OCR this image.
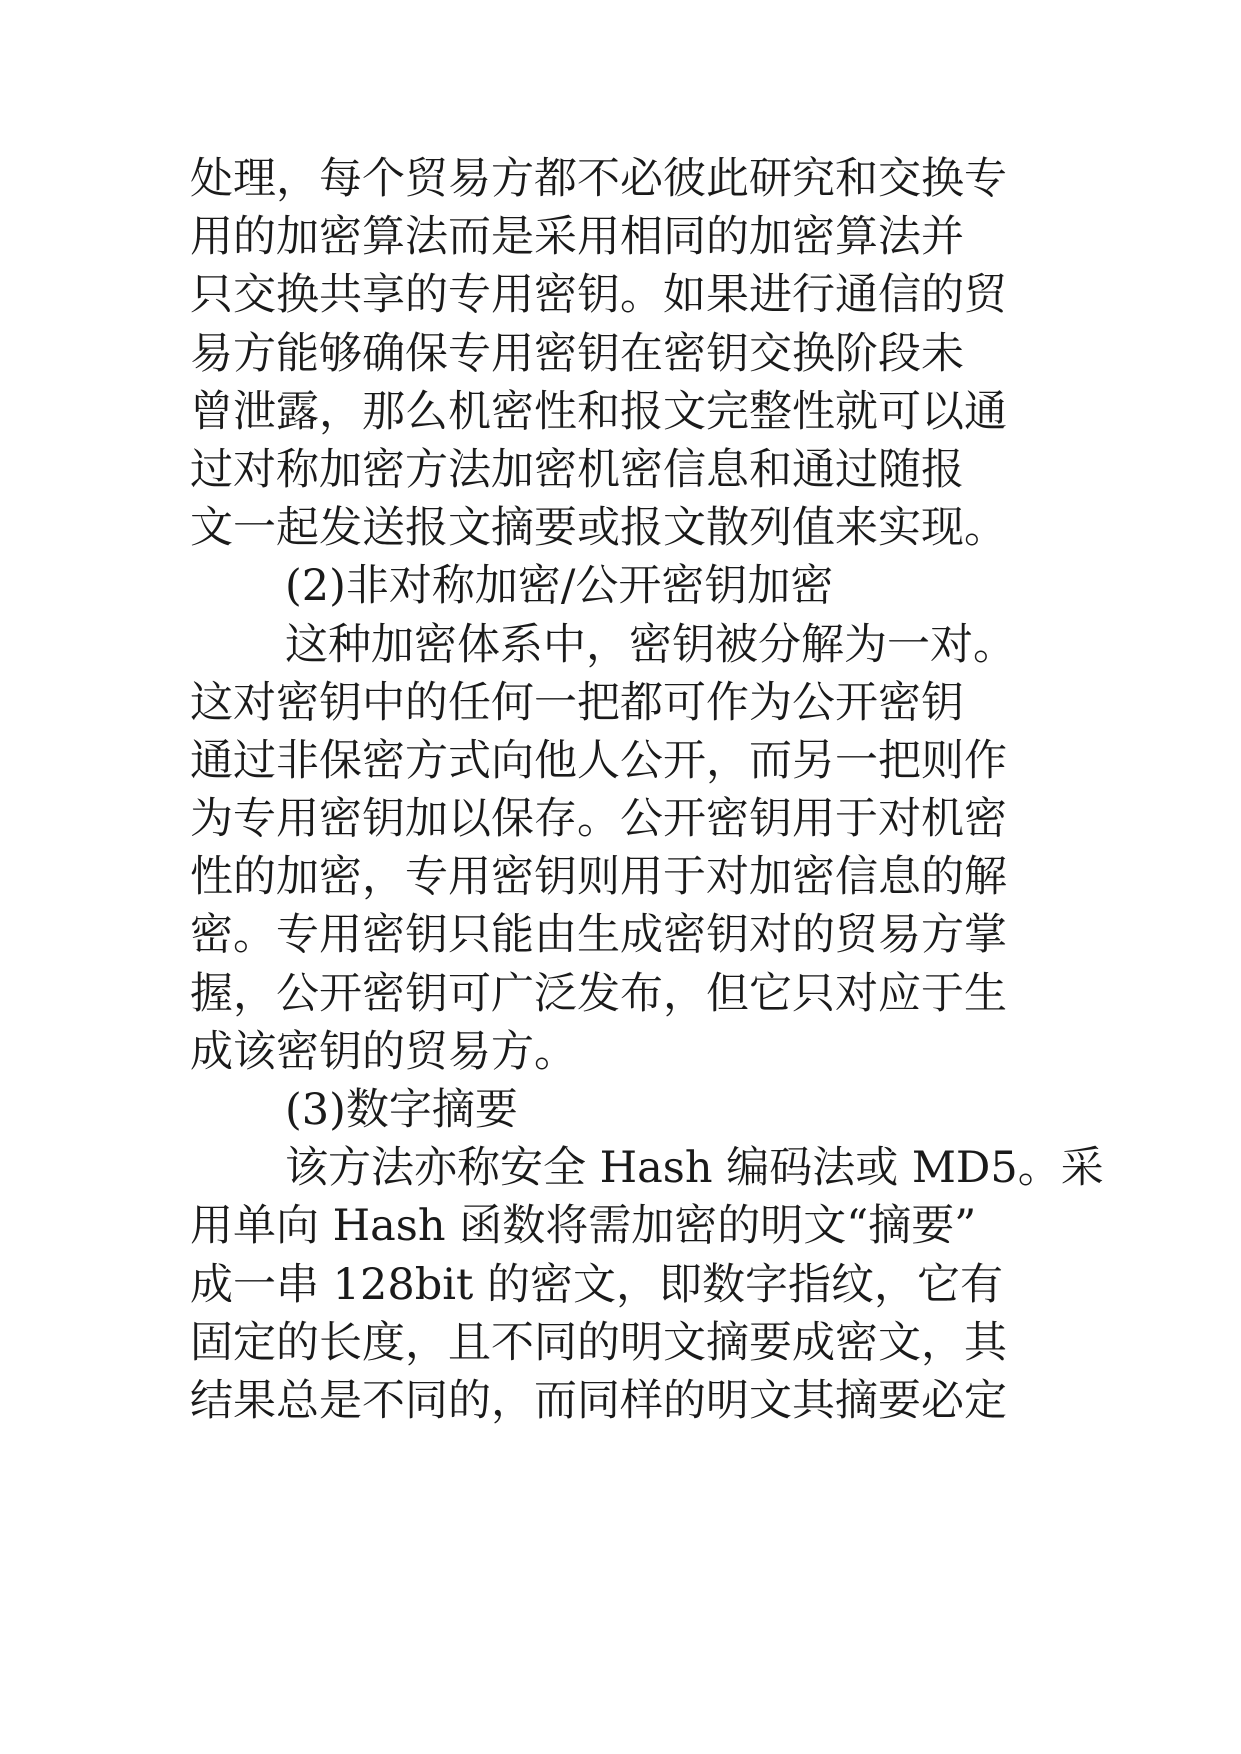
处理，每个贸易方都不必彼此研究和交换专
用的加密算法而是采用相同的加密算法并
只交换共享的专用密钥。如果进行通信的贸
易方能够确保专用密钥在密钥交换阶段未
曾泄露，那么机密性和报文完整性就可以通
过对称加密方法加密机密信息和通过随报
文一起发送报文摘要或报文散列值来实现。
(2)非对称加密/公开密钥加密
这种加密体系中，密钥被分解为一对。
这对密钥中的任何一把都可作为公开密钥
通过非保密方式向他人公开，而另一把则作
为专用密钥加以保存。公开密钥用于对机密
性的加密，专用密钥则用于对加密信息的解
密。专用密钥只能由生成密钥对的贸易方掌
握，公开密钥可广泛发布，但它只对应于生
成该密钥的贸易方。
(3)数字摘要
该方法亦称安全 Hash 编码法或 MD5。采
用单向 Hash 函数将需加密的明文“摘要”
成一串 128bit 的密文，即数字指纹，它有
固定的长度，且不同的明文摘要成密文，其
结果总是不同的，而同样的明文其摘要必定
